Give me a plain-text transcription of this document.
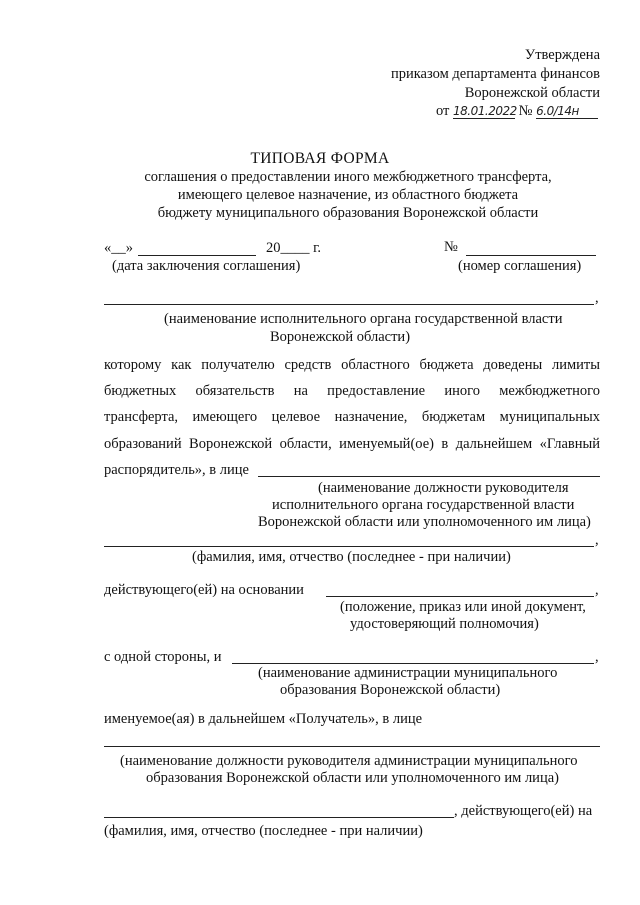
Утверждена
приказом департамента финансов
Воронежской области
от 18.01.2022 № 6.0/14н
ТИПОВАЯ ФОРМА
соглашения о предоставлении иного межбюджетного трансферта,
имеющего целевое назначение, из областного бюджета
бюджету муниципального образования Воронежской области
«__»	20____ г.	№
(дата заключения соглашения)	(номер соглашения)
,
(наименование исполнительного органа государственной власти
Воронежской области)
которому как получателю средств областного бюджета доведены лимиты
бюджетных обязательств на предоставление иного межбюджетного
трансферта, имеющего целевое назначение, бюджетам муниципальных
образований Воронежской области, именуемый(ое) в дальнейшем «Главный
распорядитель», в лице
(наименование должности руководителя
исполнительного органа государственной власти
Воронежской области или уполномоченного им лица)
,
(фамилия, имя, отчество (последнее - при наличии)
действующего(ей) на основании	,
(положение, приказ или иной документ,
удостоверяющий полномочия)
с одной стороны, и	,
(наименование администрации муниципального
образования Воронежской области)
именуемое(ая) в дальнейшем «Получатель», в лице
(наименование должности руководителя администрации муниципального
образования Воронежской области или уполномоченного им лица)
, действующего(ей) на
(фамилия, имя, отчество (последнее - при наличии)
